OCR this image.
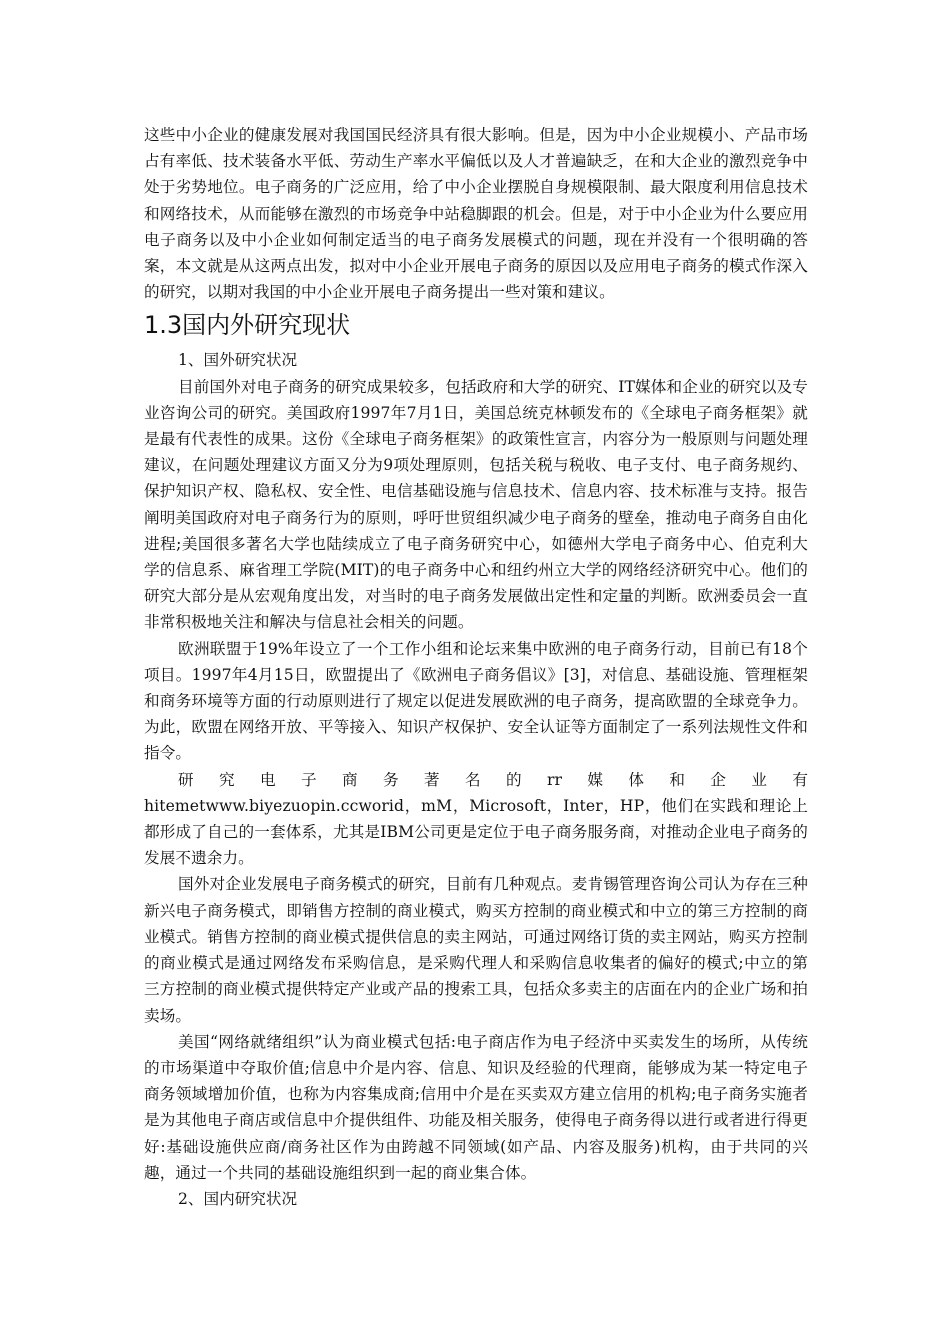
这些中小企业的健康发展对我国国民经济具有很大影响。但是，因为中小企业规模小、产品市场占有率低、技术装备水平低、劳动生产率水平偏低以及人才普遍缺乏，在和大企业的激烈竞争中处于劣势地位。电子商务的广泛应用，给了中小企业摆脱自身规模限制、最大限度利用信息技术和网络技术，从而能够在激烈的市场竞争中站稳脚跟的机会。但是，对于中小企业为什么要应用电子商务以及中小企业如何制定适当的电子商务发展模式的问题，现在并没有一个很明确的答案，本文就是从这两点出发，拟对中小企业开展电子商务的原因以及应用电子商务的模式作深入的研究，以期对我国的中小企业开展电子商务提出一些对策和建议。

1.3国内外研究现状

1、国外研究状况

目前国外对电子商务的研究成果较多，包括政府和大学的研究、IT媒体和企业的研究以及专业咨询公司的研究。美国政府1997年7月1日，美国总统克林顿发布的《全球电子商务框架》就是最有代表性的成果。这份《全球电子商务框架》的政策性宣言，内容分为一般原则与问题处理建议，在问题处理建议方面又分为9项处理原则，包括关税与税收、电子支付、电子商务规约、保护知识产权、隐私权、安全性、电信基础设施与信息技术、信息内容、技术标准与支持。报告阐明美国政府对电子商务行为的原则，呼吁世贸组织减少电子商务的壁垒，推动电子商务自由化进程;美国很多著名大学也陆续成立了电子商务研究中心，如德州大学电子商务中心、伯克利大学的信息系、麻省理工学院(MIT)的电子商务中心和纽约州立大学的网络经济研究中心。他们的研究大部分是从宏观角度出发，对当时的电子商务发展做出定性和定量的判断。欧洲委员会一直非常积极地关注和解决与信息社会相关的问题。

欧洲联盟于19%年设立了一个工作小组和论坛来集中欧洲的电子商务行动，目前已有18个项目。1997年4月15日，欧盟提出了《欧洲电子商务倡议》[3]，对信息、基础设施、管理框架和商务环境等方面的行动原则进行了规定以促进发展欧洲的电子商务，提高欧盟的全球竞争力。为此，欧盟在网络开放、平等接入、知识产权保护、安全认证等方面制定了一系列法规性文件和指令。

研究电子商务著名的rr媒体和企业有

hitemetwww.biyezuopin.ccworid，mM，Microsoft，Inter，HP，他们在实践和理论上都形成了自己的一套体系，尤其是IBM公司更是定位于电子商务服务商，对推动企业电子商务的发展不遗余力。

国外对企业发展电子商务模式的研究，目前有几种观点。麦肯锡管理咨询公司认为存在三种新兴电子商务模式，即销售方控制的商业模式，购买方控制的商业模式和中立的第三方控制的商业模式。销售方控制的商业模式提供信息的卖主网站，可通过网络订货的卖主网站，购买方控制的商业模式是通过网络发布采购信息，是采购代理人和采购信息收集者的偏好的模式;中立的第三方控制的商业模式提供特定产业或产品的搜索工具，包括众多卖主的店面在内的企业广场和拍卖场。

美国“网络就绪组织”认为商业模式包括:电子商店作为电子经济中买卖发生的场所，从传统的市场渠道中夺取价值;信息中介是内容、信息、知识及经验的代理商，能够成为某一特定电子商务领域增加价值，也称为内容集成商;信用中介是在买卖双方建立信用的机构;电子商务实施者是为其他电子商店或信息中介提供组件、功能及相关服务，使得电子商务得以进行或者进行得更好:基础设施供应商/商务社区作为由跨越不同领域(如产品、内容及服务)机构，由于共同的兴趣，通过一个共同的基础设施组织到一起的商业集合体。

2、国内研究状况
